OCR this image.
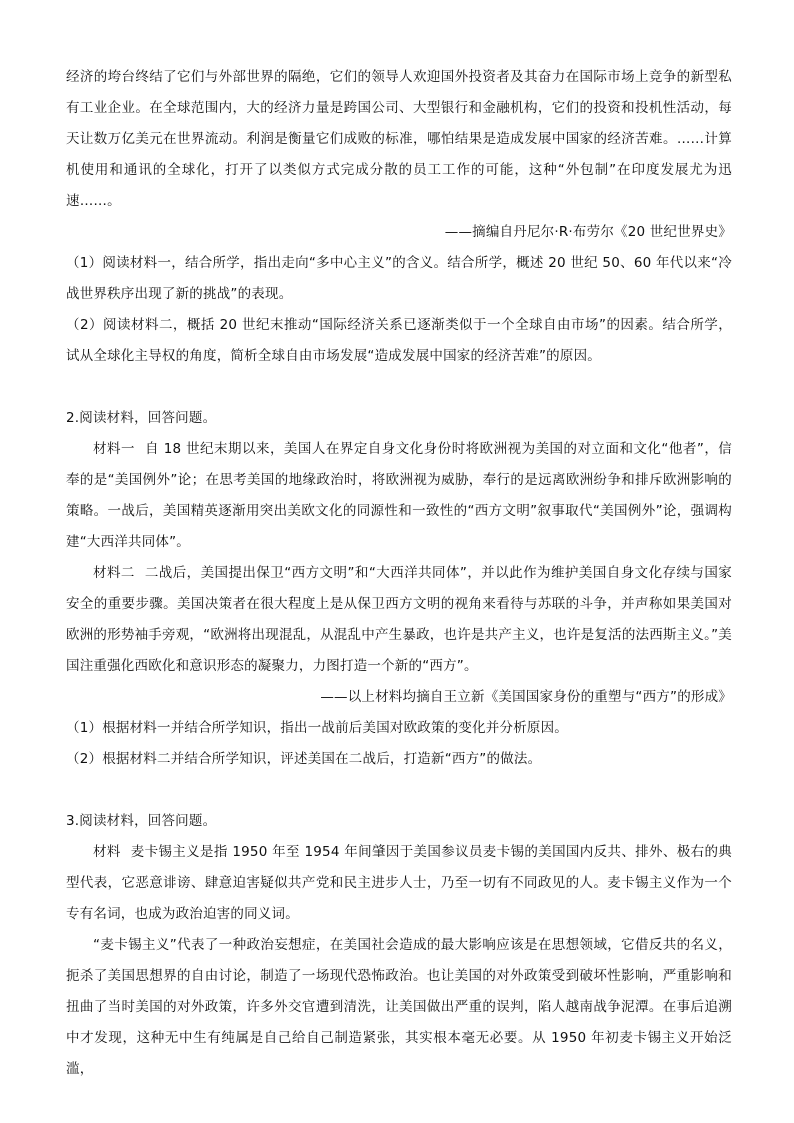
经济的垮台终结了它们与外部世界的隔绝，它们的领导人欢迎国外投资者及其奋力在国际市场上竞争的新型私有工业企业。在全球范围内，大的经济力量是跨国公司、大型银行和金融机构，它们的投资和投机性活动，每天让数万亿美元在世界流动。利润是衡量它们成败的标准，哪怕结果是造成发展中国家的经济苦难。……计算机使用和通讯的全球化，打开了以类似方式完成分散的员工工作的可能，这种“外包制”在印度发展尤为迅速……。

——摘编自丹尼尔·R·布劳尔《20 世纪世界史》

（1）阅读材料一，结合所学，指出走向“多中心主义”的含义。结合所学，概述 20 世纪 50、60 年代以来“冷战世界秩序出现了新的挑战”的表现。

（2）阅读材料二，概括 20 世纪末推动“国际经济关系已逐渐类似于一个全球自由市场”的因素。结合所学，试从全球化主导权的角度，简析全球自由市场发展“造成发展中国家的经济苦难”的原因。

2.阅读材料，回答问题。

材料一 自 18 世纪末期以来，美国人在界定自身文化身份时将欧洲视为美国的对立面和文化“他者”，信奉的是“美国例外”论；在思考美国的地缘政治时，将欧洲视为威胁，奉行的是远离欧洲纷争和排斥欧洲影响的策略。一战后，美国精英逐渐用突出美欧文化的同源性和一致性的“西方文明”叙事取代“美国例外”论，强调构建“大西洋共同体”。

材料二 二战后，美国提出保卫“西方文明”和“大西洋共同体”，并以此作为维护美国自身文化存续与国家安全的重要步骤。美国决策者在很大程度上是从保卫西方文明的视角来看待与苏联的斗争，并声称如果美国对欧洲的形势袖手旁观，“欧洲将出现混乱，从混乱中产生暴政，也许是共产主义，也许是复活的法西斯主义。”美国注重强化西欧化和意识形态的凝聚力，力图打造一个新的“西方”。

——以上材料均摘自王立新《美国国家身份的重塑与“西方”的形成》

（1）根据材料一并结合所学知识，指出一战前后美国对欧政策的变化并分析原因。

（2）根据材料二并结合所学知识，评述美国在二战后，打造新“西方”的做法。

3.阅读材料，回答问题。

材料 麦卡锡主义是指 1950 年至 1954 年间肇因于美国参议员麦卡锡的美国国内反共、排外、极右的典型代表，它恶意诽谤、肆意迫害疑似共产党和民主进步人士，乃至一切有不同政见的人。麦卡锡主义作为一个专有名词，也成为政治迫害的同义词。

“麦卡锡主义”代表了一种政治妄想症，在美国社会造成的最大影响应该是在思想领域，它借反共的名义，扼杀了美国思想界的自由讨论，制造了一场现代恐怖政治。也让美国的对外政策受到破坏性影响，严重影响和扭曲了当时美国的对外政策，许多外交官遭到清洗，让美国做出严重的误判，陷人越南战争泥潭。在事后追溯中才发现，这种无中生有纯属是自己给自己制造紧张，其实根本毫无必要。从 1950 年初麦卡锡主义开始泛滥，
